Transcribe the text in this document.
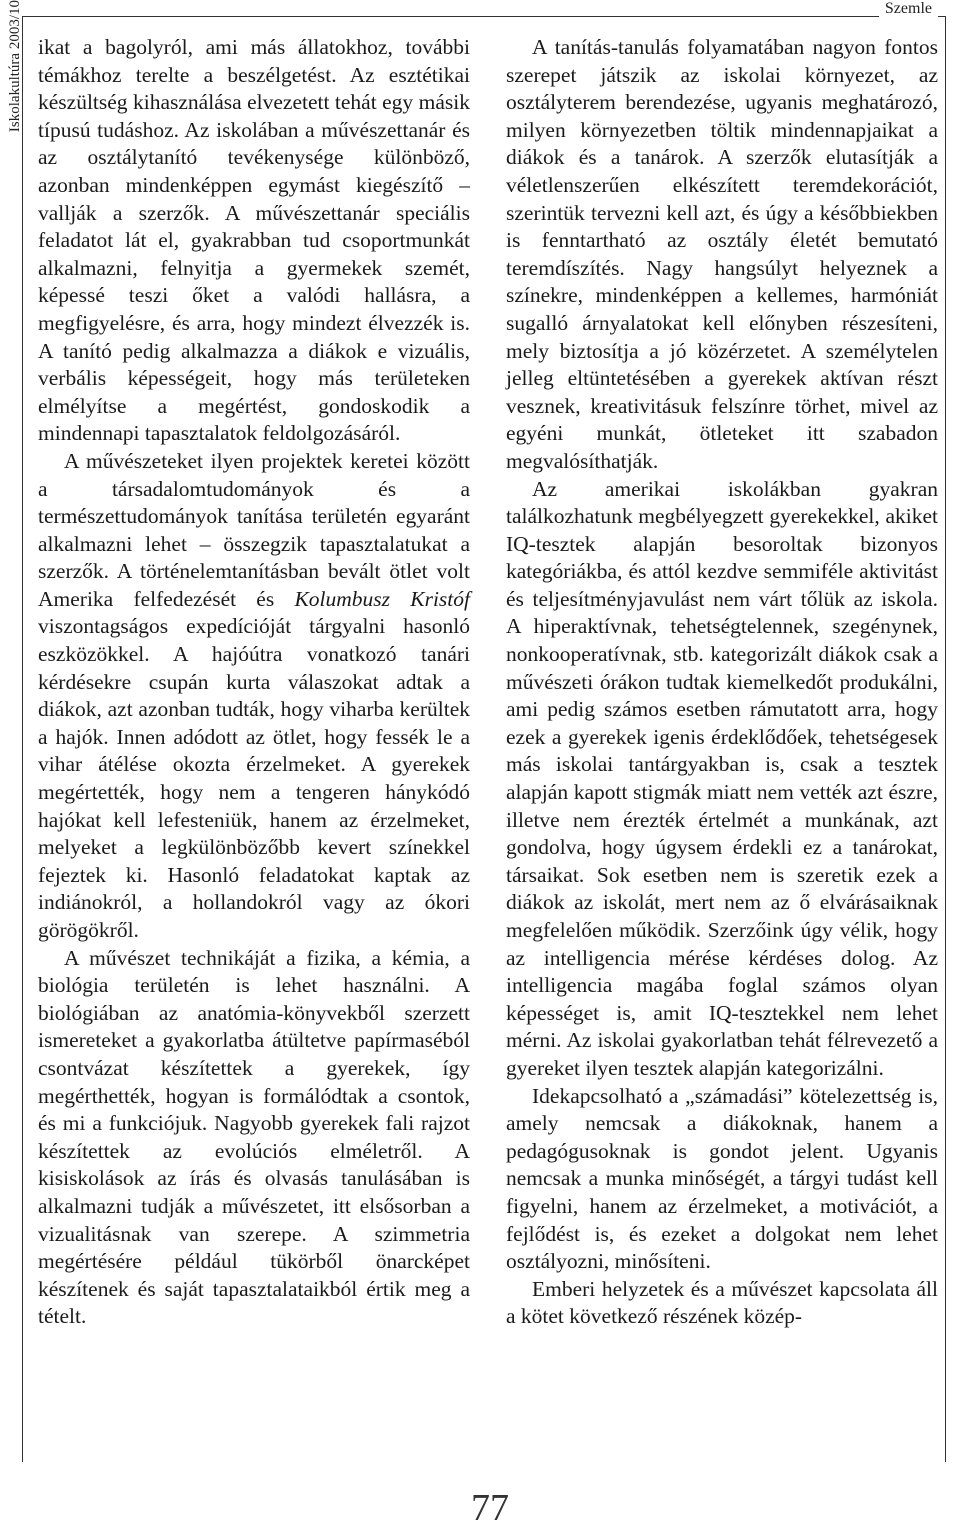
Iskolakultúra 2003/10	Szemle

ikat a bagolyról, ami más állatokhoz, további témákhoz terelte a beszélgetést. Az esztétikai készültség kihasználása elvezetett tehát egy másik típusú tudáshoz. Az iskolában a művészettanár és az osztálytanító tevékenysége különböző, azonban mindenképpen egymást kiegészítő – vallják a szerzők. A művészettanár speciális feladatot lát el, gyakrabban tud csoportmunkát alkalmazni, felnyitja a gyermekek szemét, képessé teszi őket a valódi hallásra, a megfigyelésre, és arra, hogy mindezt élvezzék is. A tanító pedig alkalmazza a diákok e vizuális, verbális képességeit, hogy más területeken elmélyítse a megértést, gondoskodik a mindennapi tapasztalatok feldolgozásáról.

A művészeteket ilyen projektek keretei között a társadalomtudományok és a természettudományok tanítása területén egyaránt alkalmazni lehet – összegzik tapasztalatukat a szerzők. A történelemtanításban bevált ötlet volt Amerika felfedezését és Kolumbusz Kristóf viszontagságos expedícióját tárgyalni hasonló eszközökkel. A hajóútra vonatkozó tanári kérdésekre csupán kurta válaszokat adtak a diákok, azt azonban tudták, hogy viharba kerültek a hajók. Innen adódott az ötlet, hogy fessék le a vihar átélése okozta érzelmeket. A gyerekek megértették, hogy nem a tengeren hánykódó hajókat kell lefesteniük, hanem az érzelmeket, melyeket a legkülönbözőbb kevert színekkel fejeztek ki. Hasonló feladatokat kaptak az indiánokról, a hollandokról vagy az ókori görögökről.

A művészet technikáját a fizika, a kémia, a biológia területén is lehet használni. A biológiában az anatómia-könyvekből szerzett ismereteket a gyakorlatba átültetve papírmaséból csontvázat készítettek a gyerekek, így megérthették, hogyan is formálódtak a csontok, és mi a funkciójuk. Nagyobb gyerekek fali rajzot készítettek az evolúciós elméletről. A kisiskolások az írás és olvasás tanulásában is alkalmazni tudják a művészetet, itt elsősorban a vizualitásnak van szerepe. A szimmetria megértésére például tükörből önarcképet készítenek és saját tapasztalataikból értik meg a tételt.

A tanítás-tanulás folyamatában nagyon fontos szerepet játszik az iskolai környezet, az osztályterem berendezése, ugyanis meghatározó, milyen környezetben töltik mindennapjaikat a diákok és a tanárok. A szerzők elutasítják a véletlenszerűen elkészített teremdekorációt, szerintük tervezni kell azt, és úgy a későbbiekben is fenntartható az osztály életét bemutató teremdíszítés. Nagy hangsúlyt helyeznek a színekre, mindenképpen a kellemes, harmóniát sugalló árnyalatokat kell előnyben részesíteni, mely biztosítja a jó közérzetet. A személytelen jelleg eltüntetésében a gyerekek aktívan részt vesznek, kreativitásuk felszínre törhet, mivel az egyéni munkát, ötleteket itt szabadon megvalósíthatják.

Az amerikai iskolákban gyakran találkozhatunk megbélyegzett gyerekekkel, akiket IQ-tesztek alapján besoroltak bizonyos kategóriákba, és attól kezdve semmiféle aktivitást és teljesítményjavulást nem várt tőlük az iskola. A hiperaktívnak, tehetségtelennek, szegénynek, nonkooperatívnak, stb. kategorizált diákok csak a művészeti órákon tudtak kiemelkedőt produkálni, ami pedig számos esetben rámutatott arra, hogy ezek a gyerekek igenis érdeklődőek, tehetségesek más iskolai tantárgyakban is, csak a tesztek alapján kapott stigmák miatt nem vették azt észre, illetve nem érezték értelmét a munkának, azt gondolva, hogy úgysem érdekli ez a tanárokat, társaikat. Sok esetben nem is szeretik ezek a diákok az iskolát, mert nem az ő elvárásaiknak megfelelően működik. Szerzőink úgy vélik, hogy az intelligencia mérése kérdéses dolog. Az intelligencia magába foglal számos olyan képességet is, amit IQ-tesztekkel nem lehet mérni. Az iskolai gyakorlatban tehát félrevezető a gyereket ilyen tesztek alapján kategorizálni.

Idekapcsolható a „számadási” kötelezettség is, amely nemcsak a diákoknak, hanem a pedagógusoknak is gondot jelent. Ugyanis nemcsak a munka minőségét, a tárgyi tudást kell figyelni, hanem az érzelmeket, a motivációt, a fejlődést is, és ezeket a dolgokat nem lehet osztályozni, minősíteni.

Emberi helyzetek és a művészet kapcsolata áll a kötet következő részének közép-

77
